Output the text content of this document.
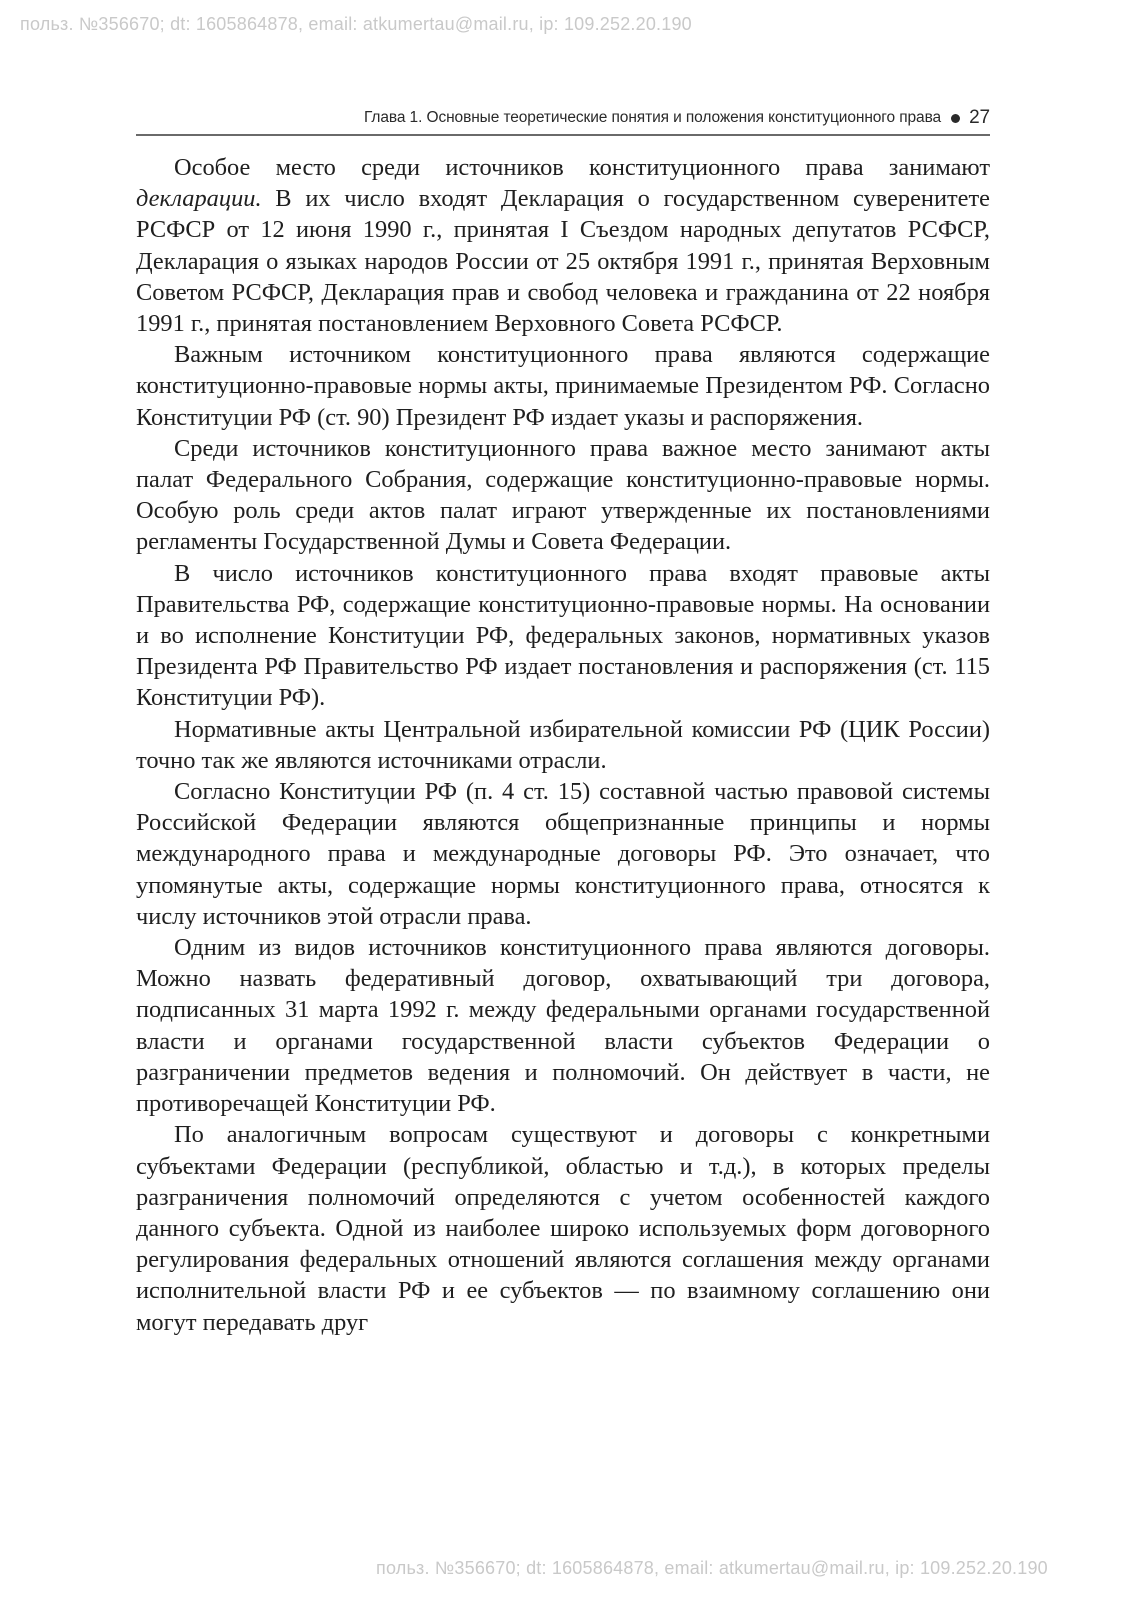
польз. №356670; dt: 1605864878, email: atkumertau@mail.ru, ip: 109.252.20.190
Глава 1. Основные теоретические понятия и положения конституционного права 27

Особое место среди источников конституционного права занимают декларации. В их число входят Декларация о государственном суверенитете РСФСР от 12 июня 1990 г., принятая I Съездом народных депутатов РСФСР, Декларация о языках народов России от 25 октября 1991 г., принятая Верховным Советом РСФСР, Декларация прав и свобод человека и гражданина от 22 ноября 1991 г., принятая постановлением Верховного Совета РСФСР.

Важным источником конституционного права являются содержащие конституционно-правовые нормы акты, принимаемые Президентом РФ. Согласно Конституции РФ (ст. 90) Президент РФ издает указы и распоряжения.

Среди источников конституционного права важное место занимают акты палат Федерального Собрания, содержащие конституционно-правовые нормы. Особую роль среди актов палат играют утвержденные их постановлениями регламенты Государственной Думы и Совета Федерации.

В число источников конституционного права входят правовые акты Правительства РФ, содержащие конституционно-правовые нормы. На основании и во исполнение Конституции РФ, федеральных законов, нормативных указов Президента РФ Правительство РФ издает постановления и распоряжения (ст. 115 Конституции РФ).

Нормативные акты Центральной избирательной комиссии РФ (ЦИК России) точно так же являются источниками отрасли.

Согласно Конституции РФ (п. 4 ст. 15) составной частью правовой системы Российской Федерации являются общепризнанные принципы и нормы международного права и международные договоры РФ. Это означает, что упомянутые акты, содержащие нормы конституционного права, относятся к числу источников этой отрасли права.

Одним из видов источников конституционного права являются договоры. Можно назвать федеративный договор, охватывающий три договора, подписанных 31 марта 1992 г. между федеральными органами государственной власти и органами государственной власти субъектов Федерации о разграничении предметов ведения и полномочий. Он действует в части, не противоречащей Конституции РФ.

По аналогичным вопросам существуют и договоры с конкретными субъектами Федерации (республикой, областью и т.д.), в которых пределы разграничения полномочий определяются с учетом особенностей каждого данного субъекта. Одной из наиболее широко используемых форм договорного регулирования федеральных отношений являются соглашения между органами исполнительной власти РФ и ее субъектов — по взаимному соглашению они могут передавать друг

польз. №356670; dt: 1605864878, email: atkumertau@mail.ru, ip: 109.252.20.190
